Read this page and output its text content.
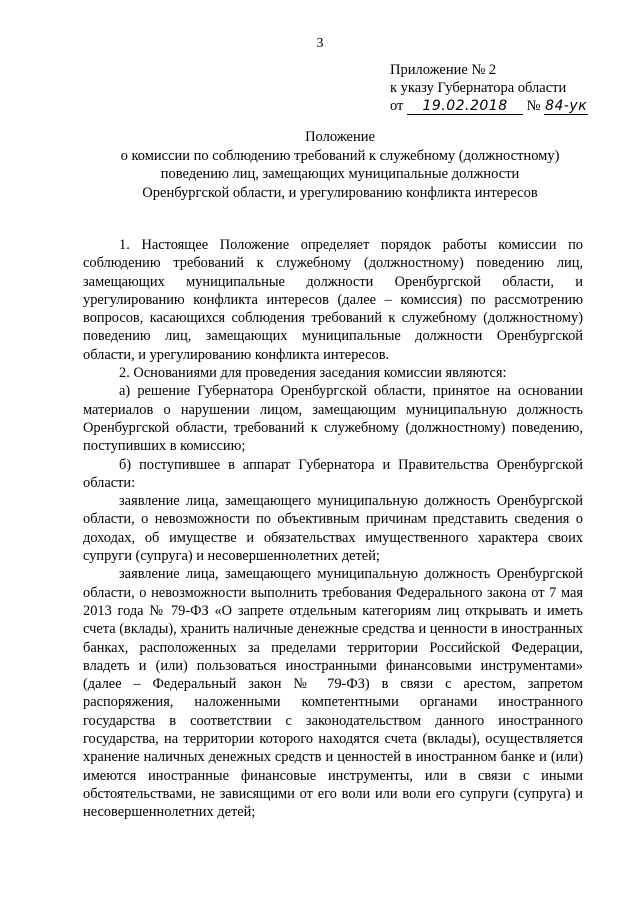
3
Приложение № 2
к указу Губернатора области
от 19.02.2018 № 84-ук
Положение
о комиссии по соблюдению требований к служебному (должностному)
поведению лиц, замещающих муниципальные должности
Оренбургской области, и урегулированию конфликта интересов

1. Настоящее Положение определяет порядок работы комиссии по соблюдению требований к служебному (должностному) поведению лиц, замещающих муниципальные должности Оренбургской области, и урегулированию конфликта интересов (далее – комиссия) по рассмотрению вопросов, касающихся соблюдения требований к служебному (должностному) поведению лиц, замещающих муниципальные должности Оренбургской области, и урегулированию конфликта интересов.

2. Основаниями для проведения заседания комиссии являются:

а) решение Губернатора Оренбургской области, принятое на основании материалов о нарушении лицом, замещающим муниципальную должность Оренбургской области, требований к служебному (должностному) поведению, поступивших в комиссию;

б) поступившее в аппарат Губернатора и Правительства Оренбургской области:

заявление лица, замещающего муниципальную должность Оренбургской области, о невозможности по объективным причинам представить сведения о доходах, об имуществе и обязательствах имущественного характера своих супруги (супруга) и несовершеннолетних детей;

заявление лица, замещающего муниципальную должность Оренбургской области, о невозможности выполнить требования Федерального закона от 7 мая 2013 года № 79-ФЗ «О запрете отдельным категориям лиц открывать и иметь счета (вклады), хранить наличные денежные средства и ценности в иностранных банках, расположенных за пределами территории Российской Федерации, владеть и (или) пользоваться иностранными финансовыми инструментами» (далее – Федеральный закон № 79-ФЗ) в связи с арестом, запретом распоряжения, наложенными компетентными органами иностранного государства в соответствии с законодательством данного иностранного государства, на территории которого находятся счета (вклады), осуществляется хранение наличных денежных средств и ценностей в иностранном банке и (или) имеются иностранные финансовые инструменты, или в связи с иными обстоятельствами, не зависящими от его воли или воли его супруги (супруга) и несовершеннолетних детей;
